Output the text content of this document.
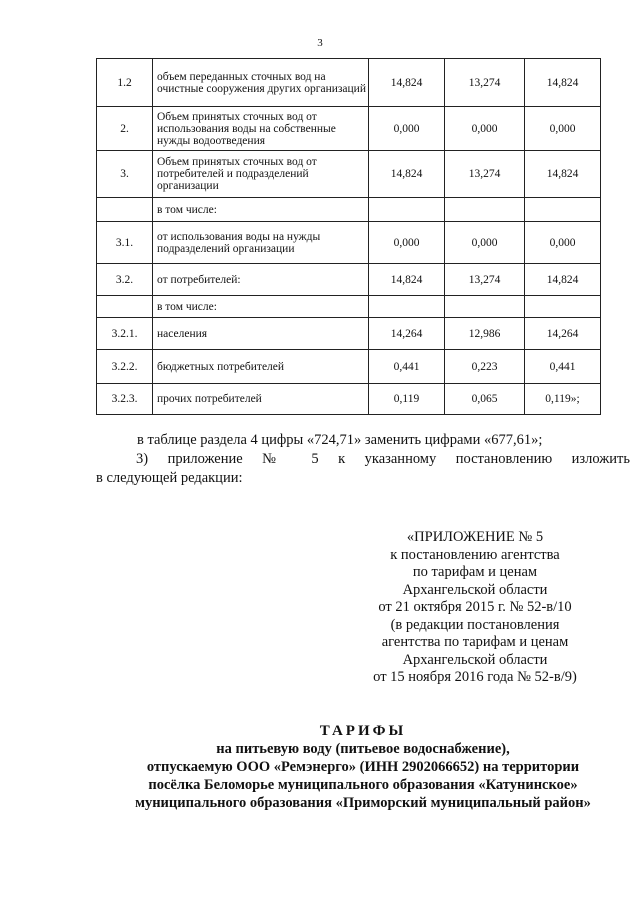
3
1.2	объем переданных сточных вод на очистные сооружения других организаций	14,824	13,274	14,824
2.	Объем принятых сточных вод от использования воды на собственные нужды водоотведения	0,000	0,000	0,000
3.	Объем принятых сточных вод от потребителей и подразделений организации	14,824	13,274	14,824
	в том числе:			
3.1.	от использования воды на нужды подразделений организации	0,000	0,000	0,000
3.2.	от потребителей:	14,824	13,274	14,824
	в том числе:			
3.2.1.	населения	14,264	12,986	14,264
3.2.2.	бюджетных потребителей	0,441	0,223	0,441
3.2.3.	прочих потребителей	0,119	0,065	0,119»;

в таблице раздела 4 цифры «724,71» заменить цифрами «677,61»;

3) приложение № 5 к указанному постановлению изложить

в следующей редакции:

«ПРИЛОЖЕНИЕ № 5
к постановлению агентства
по тарифам и ценам
Архангельской области
от 21 октября 2015 г. № 52-в/10
(в редакции постановления
агентства по тарифам и ценам
Архангельской области
от 15 ноября 2016 года № 52-в/9)
ТАРИФЫ
на питьевую воду (питьевое водоснабжение),
отпускаемую ООО «Ремэнерго» (ИНН 2902066652) на территории
посёлка Беломорье муниципального образования «Катунинское»
муниципального образования «Приморский муниципальный район»
